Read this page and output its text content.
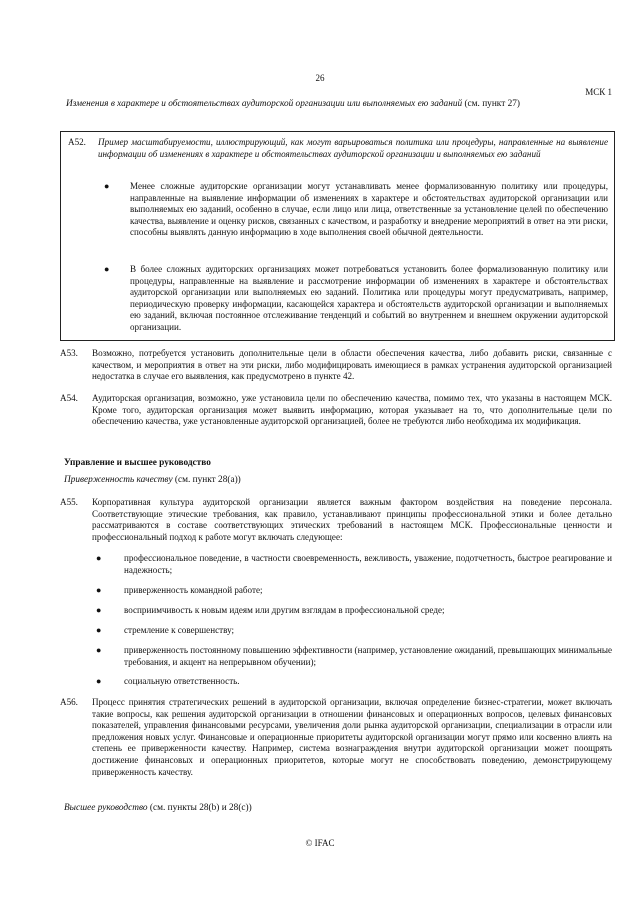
26
МСК 1
Изменения в характере и обстоятельствах аудиторской организации или выполняемых ею заданий (см. пункт 27)
A52. Пример масштабируемости, иллюстрирующий, как могут варьироваться политика или процедуры, направленные на выявление информации об изменениях в характере и обстоятельствах аудиторской организации и выполняемых ею заданий
● Менее сложные аудиторские организации могут устанавливать менее формализованную политику или процедуры, направленные на выявление информации об изменениях в характере и обстоятельствах аудиторской организации или выполняемых ею заданий, особенно в случае, если лицо или лица, ответственные за установление целей по обеспечению качества, выявление и оценку рисков, связанных с качеством, и разработку и внедрение мероприятий в ответ на эти риски, способны выявлять данную информацию в ходе выполнения своей обычной деятельности.
● В более сложных аудиторских организациях может потребоваться установить более формализованную политику или процедуры, направленные на выявление и рассмотрение информации об изменениях в характере и обстоятельствах аудиторской организации или выполняемых ею заданий. Политика или процедуры могут предусматривать, например, периодическую проверку информации, касающейся характера и обстоятельств аудиторской организации и выполняемых ею заданий, включая постоянное отслеживание тенденций и событий во внутреннем и внешнем окружении аудиторской организации.
A53. Возможно, потребуется установить дополнительные цели в области обеспечения качества, либо добавить риски, связанные с качеством, и мероприятия в ответ на эти риски, либо модифицировать имеющиеся в рамках устранения аудиторской организацией недостатка в случае его выявления, как предусмотрено в пункте 42.
A54. Аудиторская организация, возможно, уже установила цели по обеспечению качества, помимо тех, что указаны в настоящем МСК. Кроме того, аудиторская организация может выявить информацию, которая указывает на то, что дополнительные цели по обеспечению качества, уже установленные аудиторской организацией, более не требуются либо необходима их модификация.
Управление и высшее руководство
Приверженность качеству (см. пункт 28(a))
A55. Корпоративная культура аудиторской организации является важным фактором воздействия на поведение персонала. Соответствующие этические требования, как правило, устанавливают принципы профессиональной этики и более детально рассматриваются в составе соответствующих этических требований в настоящем МСК. Профессиональные ценности и профессиональный подход к работе могут включать следующее:
● профессиональное поведение, в частности своевременность, вежливость, уважение, подотчетность, быстрое реагирование и надежность;
● приверженность командной работе;
● восприимчивость к новым идеям или другим взглядам в профессиональной среде;
● стремление к совершенству;
● приверженность постоянному повышению эффективности (например, установление ожиданий, превышающих минимальные требования, и акцент на непрерывном обучении);
● социальную ответственность.
A56. Процесс принятия стратегических решений в аудиторской организации, включая определение бизнес-стратегии, может включать такие вопросы, как решения аудиторской организации в отношении финансовых и операционных вопросов, целевых финансовых показателей, управления финансовыми ресурсами, увеличения доли рынка аудиторской организации, специализации в отрасли или предложения новых услуг. Финансовые и операционные приоритеты аудиторской организации могут прямо или косвенно влиять на степень ее приверженности качеству. Например, система вознаграждения внутри аудиторской организации может поощрять достижение финансовых и операционных приоритетов, которые могут не способствовать поведению, демонстрирующему приверженность качеству.
Высшее руководство (см. пункты 28(b) и 28(c))
© IFAC
